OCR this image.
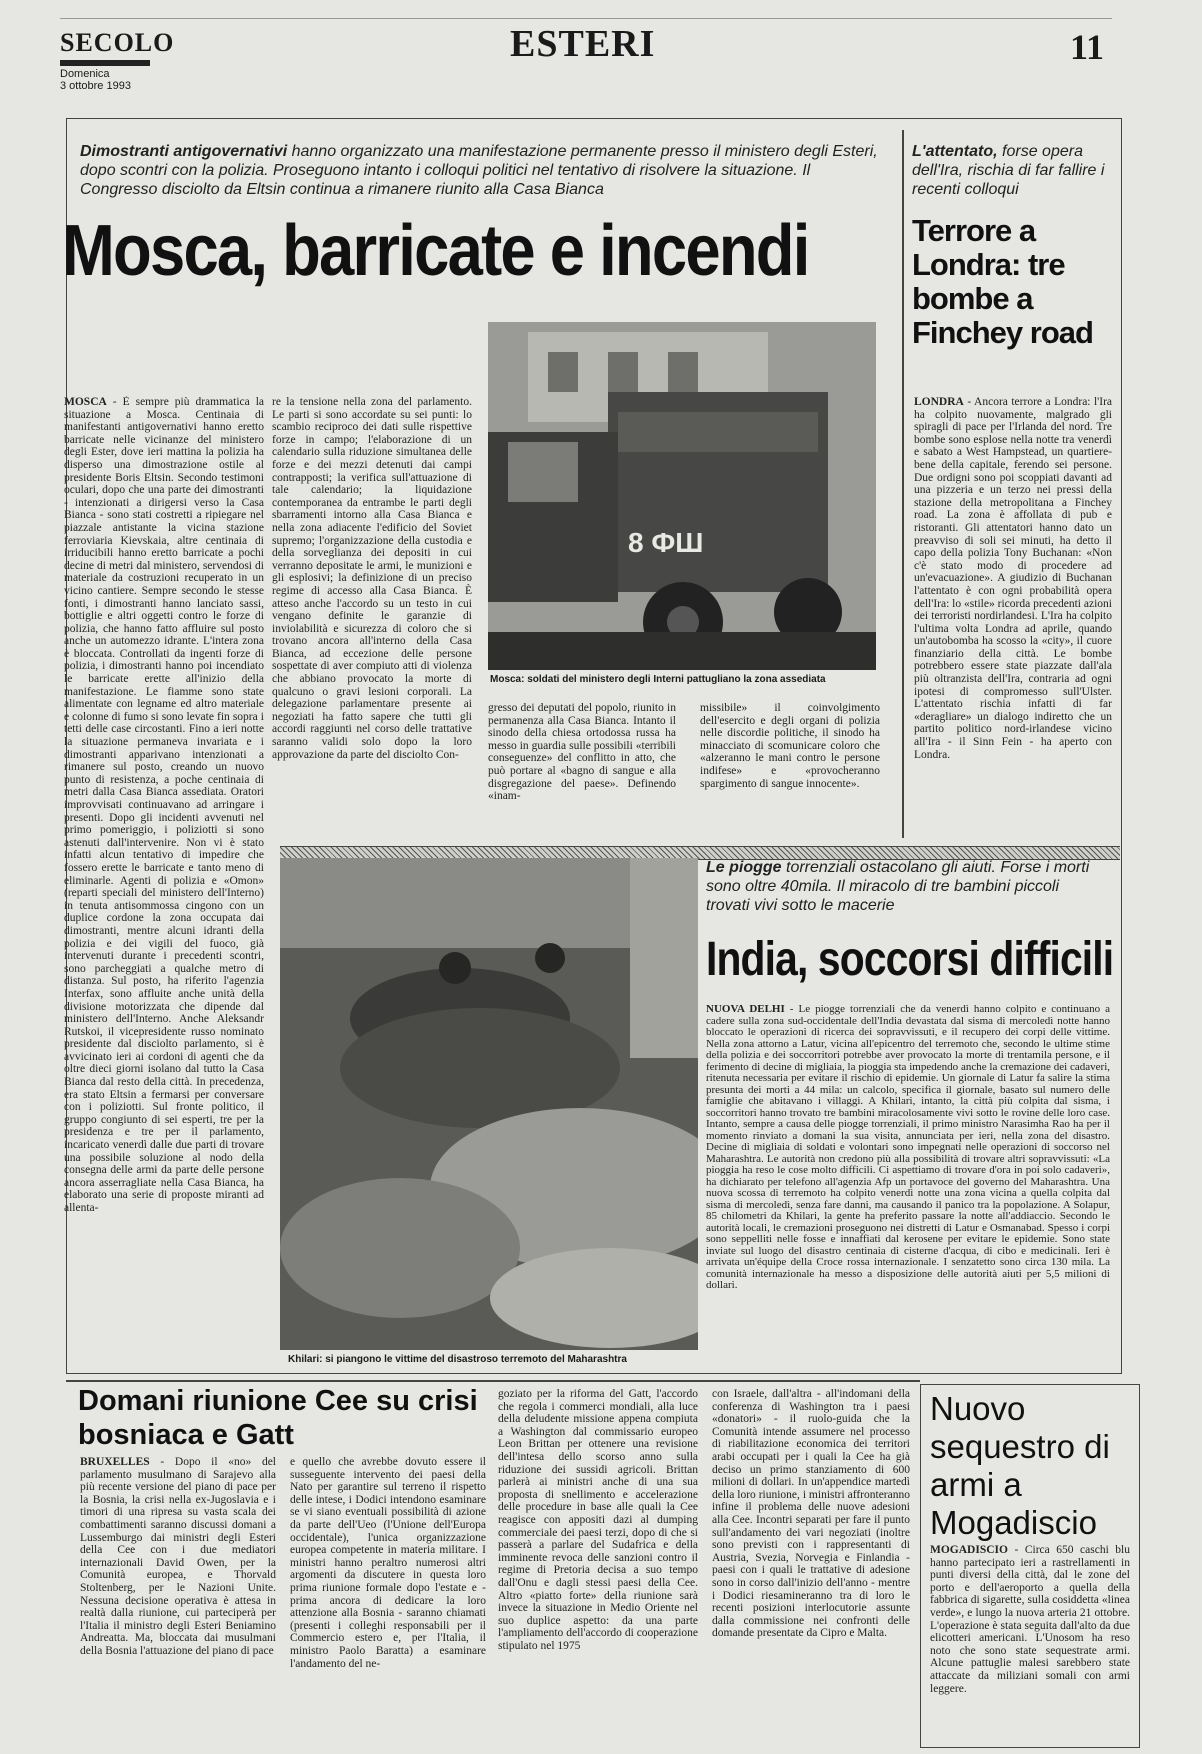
SECOLO
Domenica
3 ottobre 1993
ESTERI	11
Dimostranti antigovernativi hanno organizzato una manifestazione permanente presso il ministero degli Esteri, dopo scontri con la polizia. Proseguono intanto i colloqui politici nel tentativo di risolvere la situazione. Il Congresso disciolto da Eltsin continua a rimanere riunito alla Casa Bianca
Mosca, barricate e incendi
MOSCA - È sempre più drammatica la situazione a Mosca. Centinaia di manifestanti antigovernativi hanno eretto barricate nelle vicinanze del ministero degli Ester, dove ieri mattina la polizia ha disperso una dimostrazione ostile al presidente Boris Eltsin. Secondo testimoni oculari, dopo che una parte dei dimostranti - intenzionati a dirigersi verso la Casa Bianca - sono stati costretti a ripiegare nel piazzale antistante la vicina stazione ferroviaria Kievskaia, altre centinaia di irriducibili hanno eretto barricate a pochi decine di metri dal ministero, servendosi di materiale da costruzioni recuperato in un vicino cantiere. Sempre secondo le stesse fonti, i dimostranti hanno lanciato sassi, bottiglie e altri oggetti contro le forze di polizia, che hanno fatto affluire sul posto anche un automezzo idrante. L'intera zona è bloccata. Controllati da ingenti forze di polizia, i dimostranti hanno poi incendiato le barricate erette all'inizio della manifestazione. Le fiamme sono state alimentate con legname ed altro materiale e colonne di fumo si sono levate fin sopra i tetti delle case circostanti. Fino a ieri notte la situazione permaneva invariata e i dimostranti apparivano intenzionati a rimanere sul posto, creando un nuovo punto di resistenza, a poche centinaia di metri dalla Casa Bianca assediata. Oratori improvvisati continuavano ad arringare i presenti. Dopo gli incidenti avvenuti nel primo pomeriggio, i poliziotti si sono astenuti dall'intervenire. Non vi è stato infatti alcun tentativo di impedire che fossero erette le barricate e tanto meno di eliminarle. Agenti di polizia e «Omon» (reparti speciali del ministero dell'Interno) in tenuta antisommossa cingono con un duplice cordone la zona occupata dai dimostranti, mentre alcuni idranti della polizia e dei vigili del fuoco, già intervenuti durante i precedenti scontri, sono parcheggiati a qualche metro di distanza. Sul posto, ha riferito l'agenzia Interfax, sono affluite anche unità della divisione motorizzata che dipende dal ministero dell'Interno. Anche Aleksandr Rutskoi, il vicepresidente russo nominato presidente dal disciolto parlamento, si è avvicinato ieri ai cordoni di agenti che da oltre dieci giorni isolano dal tutto la Casa Bianca dal resto della città. In precedenza, era stato Eltsin a fermarsi per conversare con i poliziotti. Sul fronte politico, il gruppo congiunto di sei esperti, tre per la presidenza e tre per il parlamento, incaricato venerdì dalle due parti di trovare una possibile soluzione al nodo della consegna delle armi da parte delle persone ancora asserragliate nella Casa Bianca, ha elaborato una serie di proposte miranti ad allenta-
re la tensione nella zona del parlamento. Le parti si sono accordate su sei punti: lo scambio reciproco dei dati sulle rispettive forze in campo; l'elaborazione di un calendario sulla riduzione simultanea delle forze e dei mezzi detenuti dai campi contrapposti; la verifica sull'attuazione di tale calendario; la liquidazione contemporanea da entrambe le parti degli sbarramenti intorno alla Casa Bianca e nella zona adiacente l'edificio del Soviet supremo; l'organizzazione della custodia e della sorveglianza dei depositi in cui verranno depositate le armi, le munizioni e gli esplosivi; la definizione di un preciso regime di accesso alla Casa Bianca. È atteso anche l'accordo su un testo in cui vengano definite le garanzie di inviolabilità e sicurezza di coloro che si trovano ancora all'interno della Casa Bianca, ad eccezione delle persone sospettate di aver compiuto atti di violenza che abbiano provocato la morte di qualcuno o gravi lesioni corporali. La delegazione parlamentare presente ai negoziati ha fatto sapere che tutti gli accordi raggiunti nel corso delle trattative saranno validi solo dopo la loro approvazione da parte del disciolto Con-
8 ФШ
Mosca: soldati del ministero degli Interni pattugliano la zona assediata
gresso dei deputati del popolo, riunito in permanenza alla Casa Bianca. Intanto il sinodo della chiesa ortodossa russa ha messo in guardia sulle possibili «terribili conseguenze» del conflitto in atto, che può portare al «bagno di sangue e alla disgregazione del paese». Definendo «inam-
missibile» il coinvolgimento dell'esercito e degli organi di polizia nelle discordie politiche, il sinodo ha minacciato di scomunicare coloro che «alzeranno le mani contro le persone indifese» e «provocheranno spargimento di sangue innocente».
L'attentato, forse opera dell'Ira, rischia di far fallire i recenti colloqui
Terrore a Londra: tre bombe a Finchey road
LONDRA - Ancora terrore a Londra: l'Ira ha colpito nuovamente, malgrado gli spiragli di pace per l'Irlanda del nord. Tre bombe sono esplose nella notte tra venerdì e sabato a West Hampstead, un quartiere-bene della capitale, ferendo sei persone. Due ordigni sono poi scoppiati davanti ad una pizzeria e un terzo nei pressi della stazione della metropolitana a Finchey road. La zona è affollata di pub e ristoranti. Gli attentatori hanno dato un preavviso di soli sei minuti, ha detto il capo della polizia Tony Buchanan: «Non c'è stato modo di procedere ad un'evacuazione». A giudizio di Buchanan l'attentato è con ogni probabilità opera dell'Ira: lo «stile» ricorda precedenti azioni dei terroristi nordirlandesi. L'Ira ha colpito l'ultima volta Londra ad aprile, quando un'autobomba ha scosso la «city», il cuore finanziario della città. Le bombe potrebbero essere state piazzate dall'ala più oltranzista dell'Ira, contraria ad ogni ipotesi di compromesso sull'Ulster. L'attentato rischia infatti di far «deragliare» un dialogo indiretto che un partito politico nord-irlandese vicino all'Ira - il Sinn Fein - ha aperto con Londra.
Khilari: si piangono le vittime del disastroso terremoto del Maharashtra
Le piogge torrenziali ostacolano gli aiuti. Forse i morti sono oltre 40mila. Il miracolo di tre bambini piccoli trovati vivi sotto le macerie
India, soccorsi difficili
NUOVA DELHI - Le piogge torrenziali che da venerdì hanno colpito e continuano a cadere sulla zona sud-occidentale dell'India devastata dal sisma di mercoledì notte hanno bloccato le operazioni di ricerca dei sopravvissuti, e il recupero dei corpi delle vittime. Nella zona attorno a Latur, vicina all'epicentro del terremoto che, secondo le ultime stime della polizia e dei soccorritori potrebbe aver provocato la morte di trentamila persone, e il ferimento di decine di migliaia, la pioggia sta impedendo anche la cremazione dei cadaveri, ritenuta necessaria per evitare il rischio di epidemie. Un giornale di Latur fa salire la stima presunta dei morti a 44 mila: un calcolo, specifica il giornale, basato sul numero delle famiglie che abitavano i villaggi. A Khilari, intanto, la città più colpita dal sisma, i soccorritori hanno trovato tre bambini miracolosamente vivi sotto le rovine delle loro case. Intanto, sempre a causa delle piogge torrenziali, il primo ministro Narasimha Rao ha per il momento rinviato a domani la sua visita, annunciata per ieri, nella zona del disastro. Decine di migliaia di soldati e volontari sono impegnati nelle operazioni di soccorso nel Maharashtra. Le autorità non credono più alla possibilità di trovare altri sopravvissuti: «La pioggia ha reso le cose molto difficili. Ci aspettiamo di trovare d'ora in poi solo cadaveri», ha dichiarato per telefono all'agenzia Afp un portavoce del governo del Maharashtra. Una nuova scossa di terremoto ha colpito venerdì notte una zona vicina a quella colpita dal sisma di mercoledì, senza fare danni, ma causando il panico tra la popolazione. A Solapur, 85 chilometri da Khilari, la gente ha preferito passare la notte all'addiaccio. Secondo le autorità locali, le cremazioni proseguono nei distretti di Latur e Osmanabad. Spesso i corpi sono seppelliti nelle fosse e innaffiati dal kerosene per evitare le epidemie. Sono state inviate sul luogo del disastro centinaia di cisterne d'acqua, di cibo e medicinali. Ieri è arrivata un'équipe della Croce rossa internazionale. I senzatetto sono circa 130 mila. La comunità internazionale ha messo a disposizione delle autorità aiuti per 5,5 milioni di dollari.
Domani riunione Cee su crisi bosniaca e Gatt
BRUXELLES - Dopo il «no» del parlamento musulmano di Sarajevo alla più recente versione del piano di pace per la Bosnia, la crisi nella ex-Jugoslavia e i timori di una ripresa su vasta scala dei combattimenti saranno discussi domani a Lussemburgo dai ministri degli Esteri della Cee con i due mediatori internazionali David Owen, per la Comunità europea, e Thorvald Stoltenberg, per le Nazioni Unite. Nessuna decisione operativa è attesa in realtà dalla riunione, cui parteciperà per l'Italia il ministro degli Esteri Beniamino Andreatta. Ma, bloccata dai musulmani della Bosnia l'attuazione del piano di pace
e quello che avrebbe dovuto essere il susseguente intervento dei paesi della Nato per garantire sul terreno il rispetto delle intese, i Dodici intendono esaminare se vi siano eventuali possibilità di azione da parte dell'Ueo (l'Unione dell'Europa occidentale), l'unica organizzazione europea competente in materia militare. I ministri hanno peraltro numerosi altri argomenti da discutere in questa loro prima riunione formale dopo l'estate e - prima ancora di dedicare la loro attenzione alla Bosnia - saranno chiamati (presenti i colleghi responsabili per il Commercio estero e, per l'Italia, il ministro Paolo Baratta) a esaminare l'andamento del ne-
goziato per la riforma del Gatt, l'accordo che regola i commerci mondiali, alla luce della deludente missione appena compiuta a Washington dal commissario europeo Leon Brittan per ottenere una revisione dell'intesa dello scorso anno sulla riduzione dei sussidi agricoli. Brittan parlerà ai ministri anche di una sua proposta di snellimento e accelerazione delle procedure in base alle quali la Cee reagisce con appositi dazi al dumping commerciale dei paesi terzi, dopo di che si passerà a parlare del Sudafrica e della imminente revoca delle sanzioni contro il regime di Pretoria decisa a suo tempo dall'Onu e dagli stessi paesi della Cee. Altro «piatto forte» della riunione sarà invece la situazione in Medio Oriente nel suo duplice aspetto: da una parte l'ampliamento dell'accordo di cooperazione stipulato nel 1975
con Israele, dall'altra - all'indomani della conferenza di Washington tra i paesi «donatori» - il ruolo-guida che la Comunità intende assumere nel processo di riabilitazione economica dei territori arabi occupati per i quali la Cee ha già deciso un primo stanziamento di 600 milioni di dollari. In un'appendice martedì della loro riunione, i ministri affronteranno infine il problema delle nuove adesioni alla Cee. Incontri separati per fare il punto sull'andamento dei vari negoziati (inoltre sono previsti con i rappresentanti di Austria, Svezia, Norvegia e Finlandia - paesi con i quali le trattative di adesione sono in corso dall'inizio dell'anno - mentre i Dodici riesamineranno tra di loro le recenti posizioni interlocutorie assunte dalla commissione nei confronti delle domande presentate da Cipro e Malta.
Nuovo sequestro di armi a Mogadiscio
MOGADISCIO - Circa 650 caschi blu hanno partecipato ieri a rastrellamenti in punti diversi della città, dal le zone del porto e dell'aeroporto a quella della fabbrica di sigarette, sulla cosiddetta «linea verde», e lungo la nuova arteria 21 ottobre. L'operazione è stata seguita dall'alto da due elicotteri americani. L'Unosom ha reso noto che sono state sequestrate armi. Alcune pattuglie malesi sarebbero state attaccate da miliziani somali con armi leggere.
